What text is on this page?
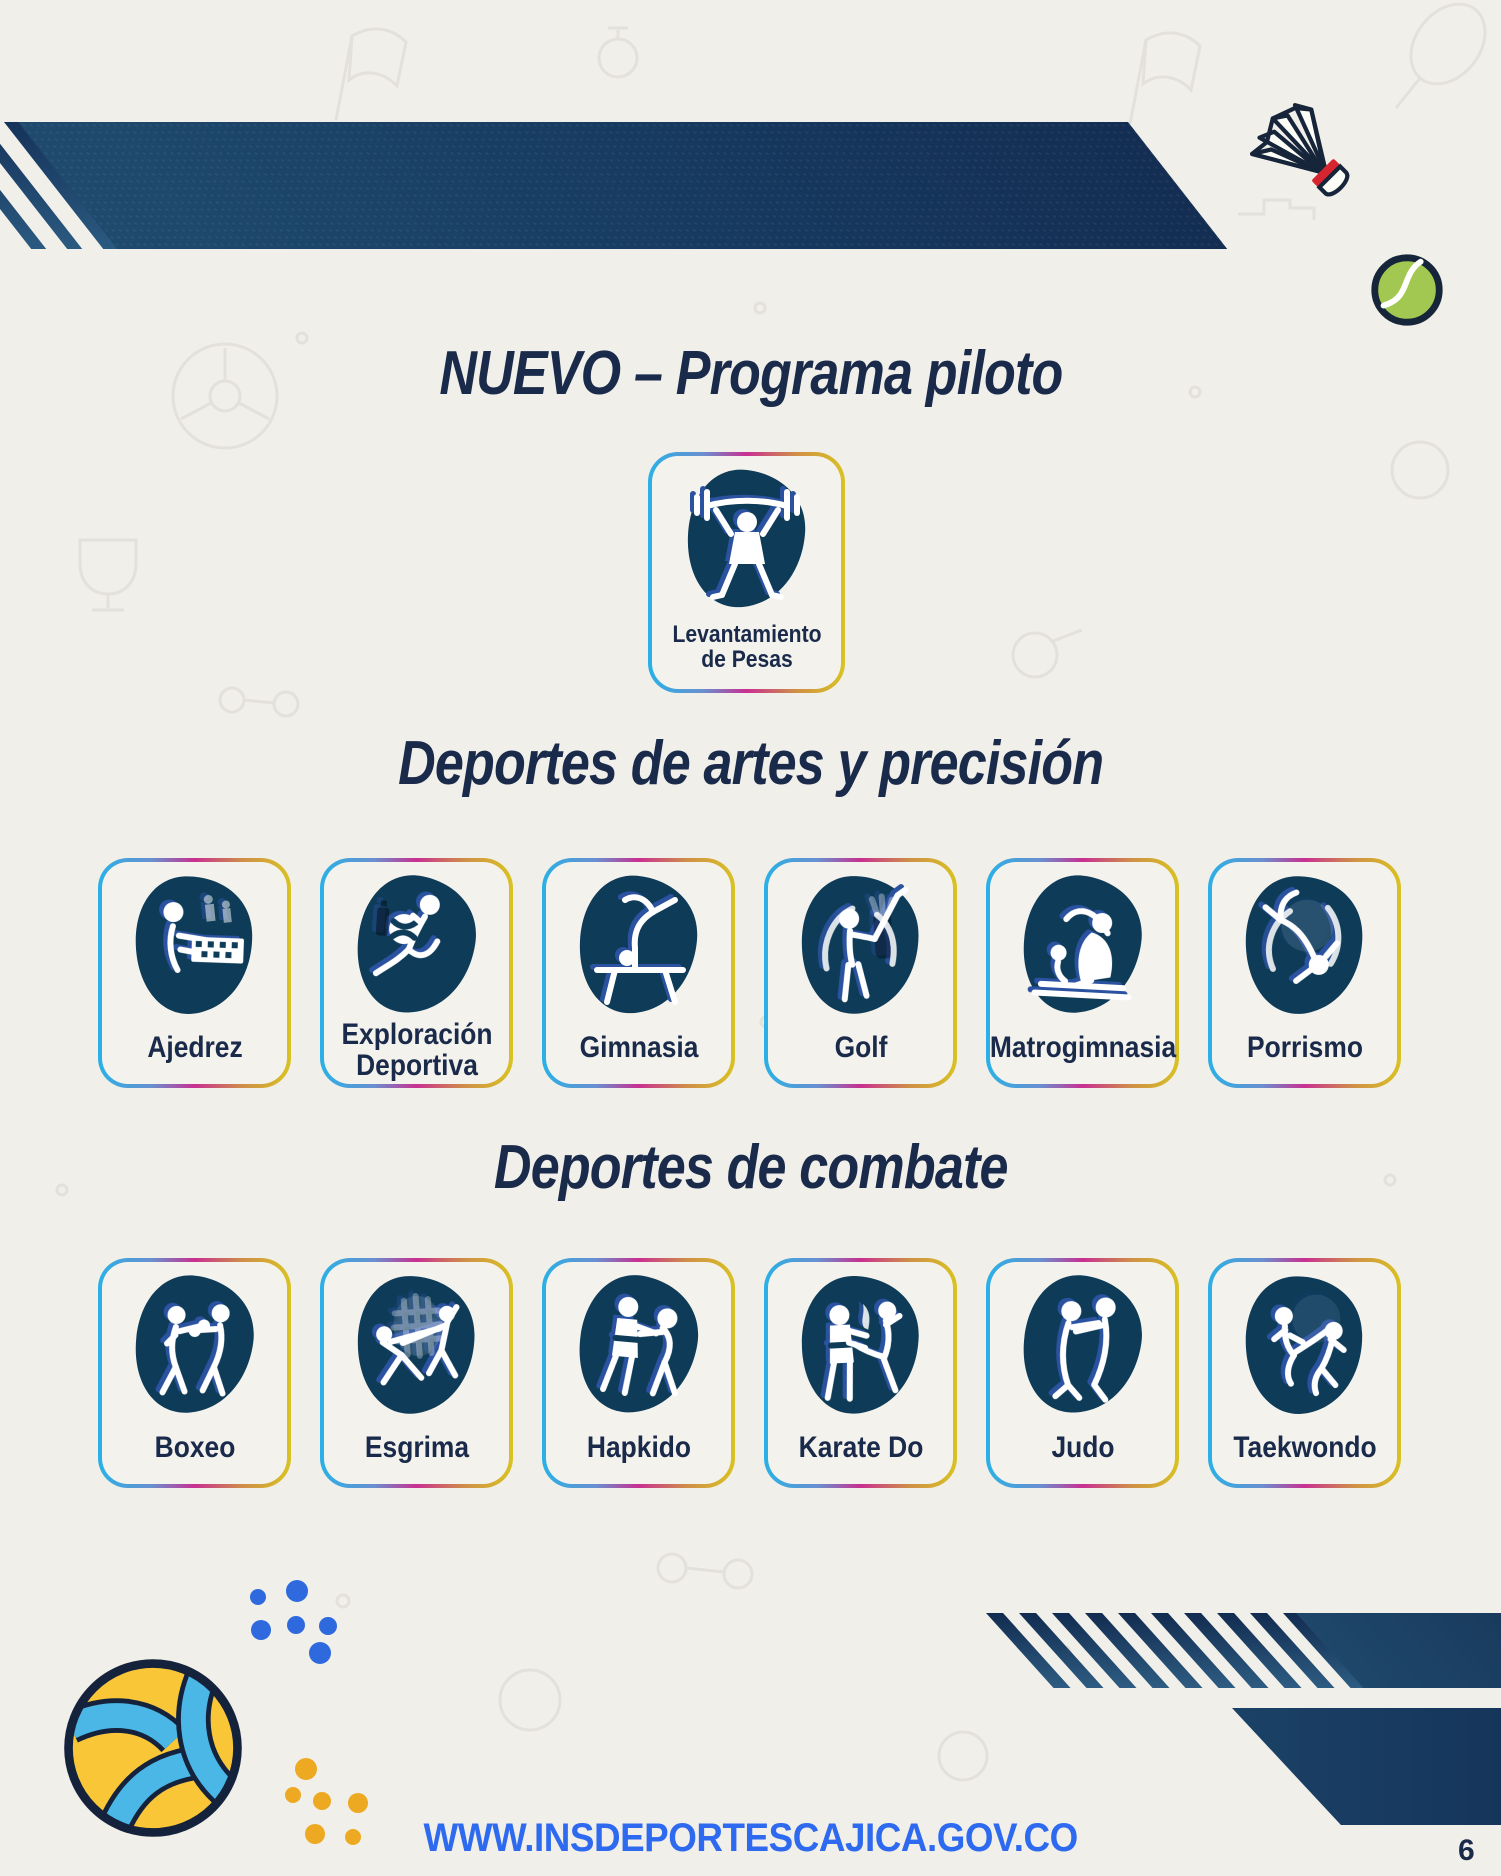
NUEVO – Programa piloto
Levantamiento de Pesas
Deportes de artes y precisión
Ajedrez	Exploración Deportiva
Gimnasia	Golf	Matrogimnasia	Porrismo
Deportes de combate
Boxeo	Esgrima	Hapkido	Karate Do	Judo	Taekwondo
WWW.INSDEPORTESCAJICA.GOV.CO	6
